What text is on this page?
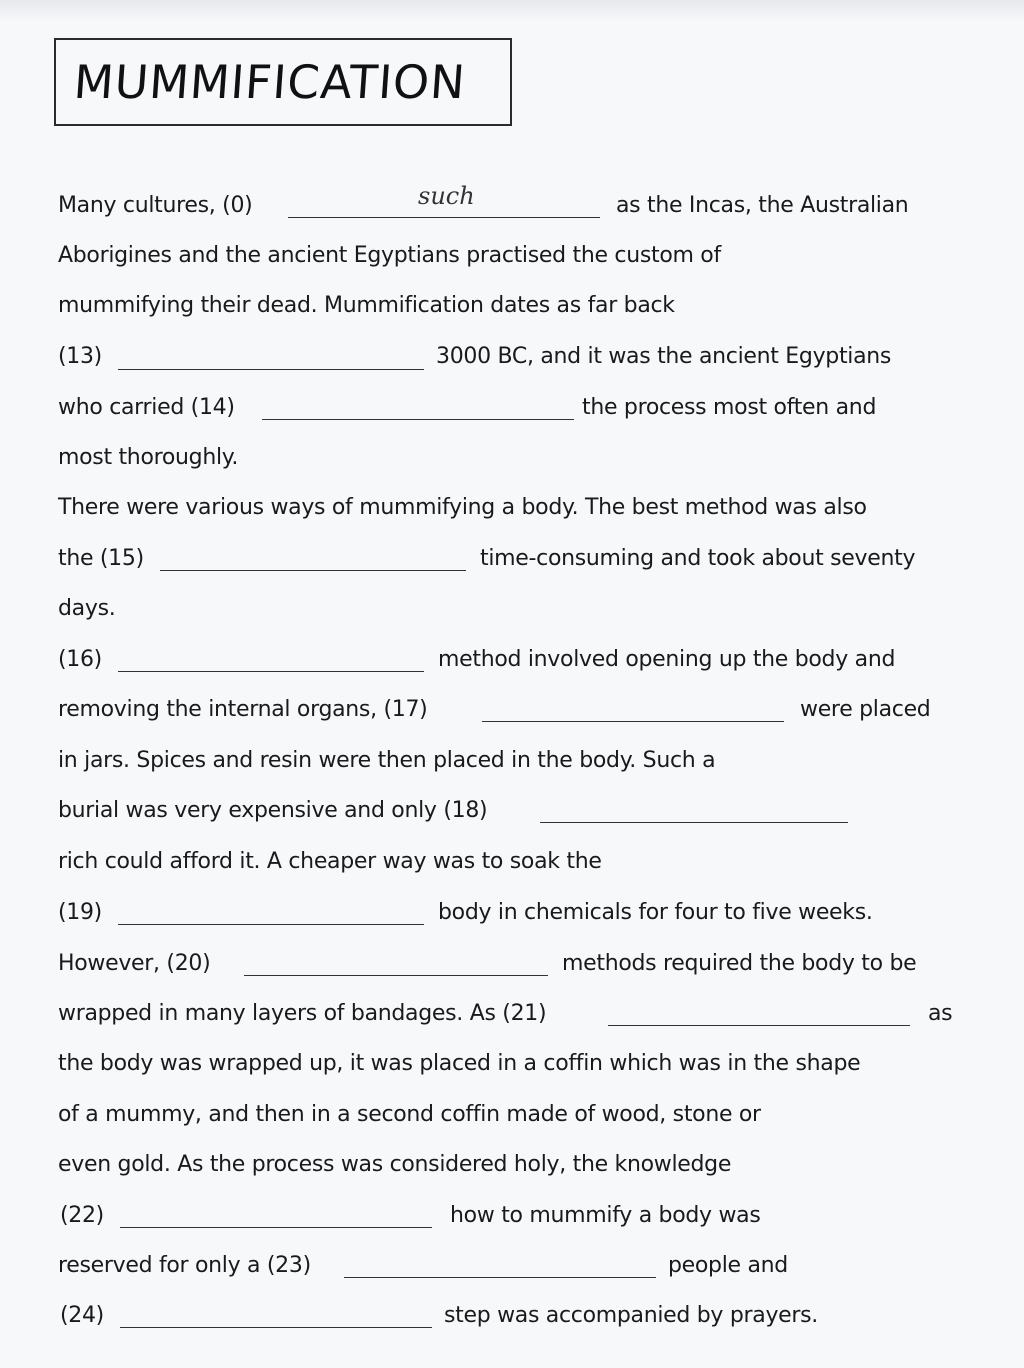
MUMMIFICATION
Many cultures, (0)	such	as the Incas, the Australian
Aborigines and the ancient Egyptians practised the custom of
mummifying their dead. Mummification dates as far back
(13)	3000 BC, and it was the ancient Egyptians
who carried (14)	the process most often and
most thoroughly.
There were various ways of mummifying a body. The best method was also
the (15)	time-consuming and took about seventy
days.
(16)	method involved opening up the body and
removing the internal organs, (17)	were placed
in jars. Spices and resin were then placed in the body. Such a
burial was very expensive and only (18)
rich could afford it. A cheaper way was to soak the
(19)	body in chemicals for four to five weeks.
However, (20)	methods required the body to be
wrapped in many layers of bandages. As (21)	as
the body was wrapped up, it was placed in a coffin which was in the shape
of a mummy, and then in a second coffin made of wood, stone or
even gold. As the process was considered holy, the knowledge
(22)	how to mummify a body was
reserved for only a (23)	people and
(24)	step was accompanied by prayers.
